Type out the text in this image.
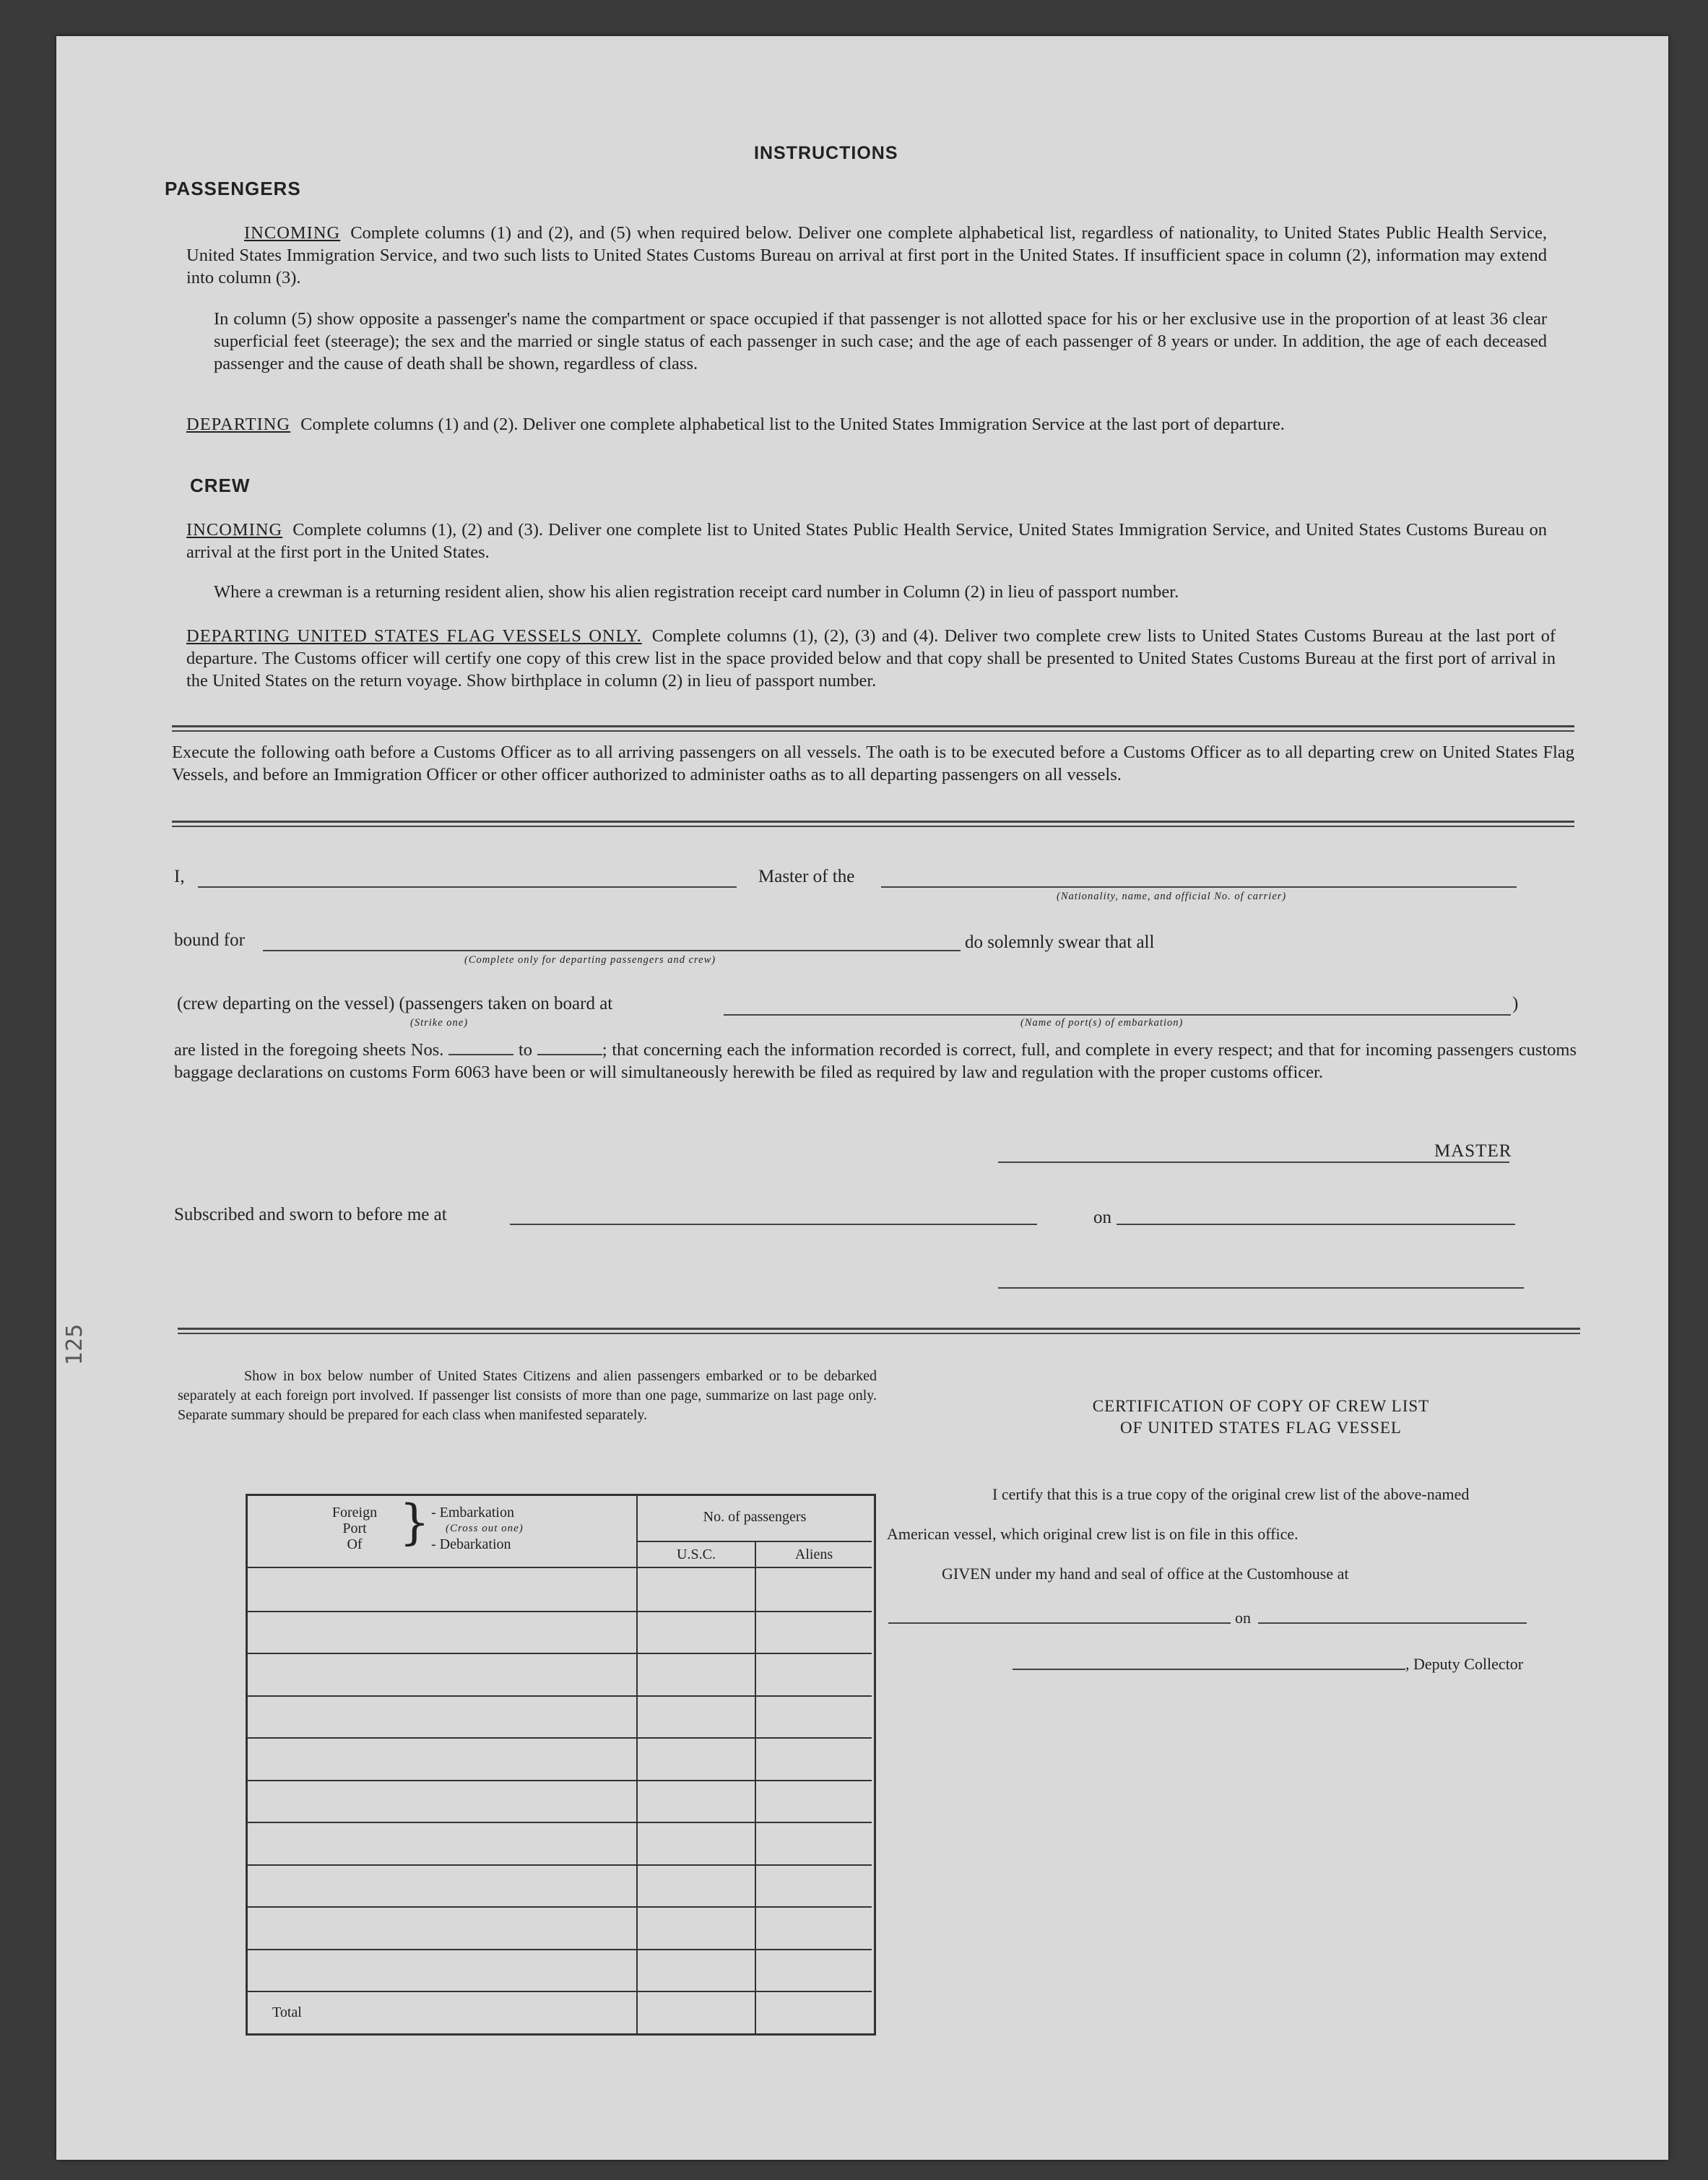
INSTRUCTIONS
PASSENGERS
INCOMING Complete columns (1) and (2), and (5) when required below. Deliver one complete alphabetical list, regardless of nationality, to United States Public Health Service, United States Immigration Service, and two such lists to United States Customs Bureau on arrival at first port in the United States. If insufficient space in column (2), information may extend into column (3).
In column (5) show opposite a passenger's name the compartment or space occupied if that passenger is not allotted space for his or her exclusive use in the proportion of at least 36 clear superficial feet (steerage); the sex and the married or single status of each passenger in such case; and the age of each passenger of 8 years or under. In addition, the age of each deceased passenger and the cause of death shall be shown, regardless of class.
DEPARTING Complete columns (1) and (2). Deliver one complete alphabetical list to the United States Immigration Service at the last port of departure.
CREW
INCOMING Complete columns (1), (2) and (3). Deliver one complete list to United States Public Health Service, United States Immigration Service, and United States Customs Bureau on arrival at the first port in the United States.
Where a crewman is a returning resident alien, show his alien registration receipt card number in Column (2) in lieu of passport number.
DEPARTING UNITED STATES FLAG VESSELS ONLY. Complete columns (1), (2), (3) and (4). Deliver two complete crew lists to United States Customs Bureau at the last port of departure. The Customs officer will certify one copy of this crew list in the space provided below and that copy shall be presented to United States Customs Bureau at the first port of arrival in the United States on the return voyage. Show birthplace in column (2) in lieu of passport number.
Execute the following oath before a Customs Officer as to all arriving passengers on all vessels. The oath is to be executed before a Customs Officer as to all departing crew on United States Flag Vessels, and before an Immigration Officer or other officer authorized to administer oaths as to all departing passengers on all vessels.
I,	Master of the
(Nationality, name, and official No. of carrier)
bound for
(Complete only for departing passengers and crew)
do solemnly swear that all
(crew departing on the vessel) (passengers taken on board at	)
(Strike one)	(Name of port(s) of embarkation)
are listed in the foregoing sheets Nos.	to	; that concerning each the information recorded is correct, full, and complete in every respect; and that for incoming passengers customs baggage declarations on customs Form 6063 have been or will simultaneously herewith be filed as required by law and regulation with the proper customs officer.
MASTER
Subscribed and sworn to before me at	on
Show in box below number of United States Citizens and alien passengers embarked or to be debarked separately at each foreign port involved. If passenger list consists of more than one page, summarize on last page only. Separate summary should be prepared for each class when manifested separately.
Foreign
Port
Of } - Embarkation
(Cross out one)
- Debarkation
No. of passengers
U.S.C.	Aliens
Total
CERTIFICATION OF COPY OF CREW LIST
OF UNITED STATES FLAG VESSEL
I certify that this is a true copy of the original crew list of the above-named
American vessel, which original crew list is on file in this office.
GIVEN under my hand and seal of office at the Customhouse at
on
, Deputy Collector
125
